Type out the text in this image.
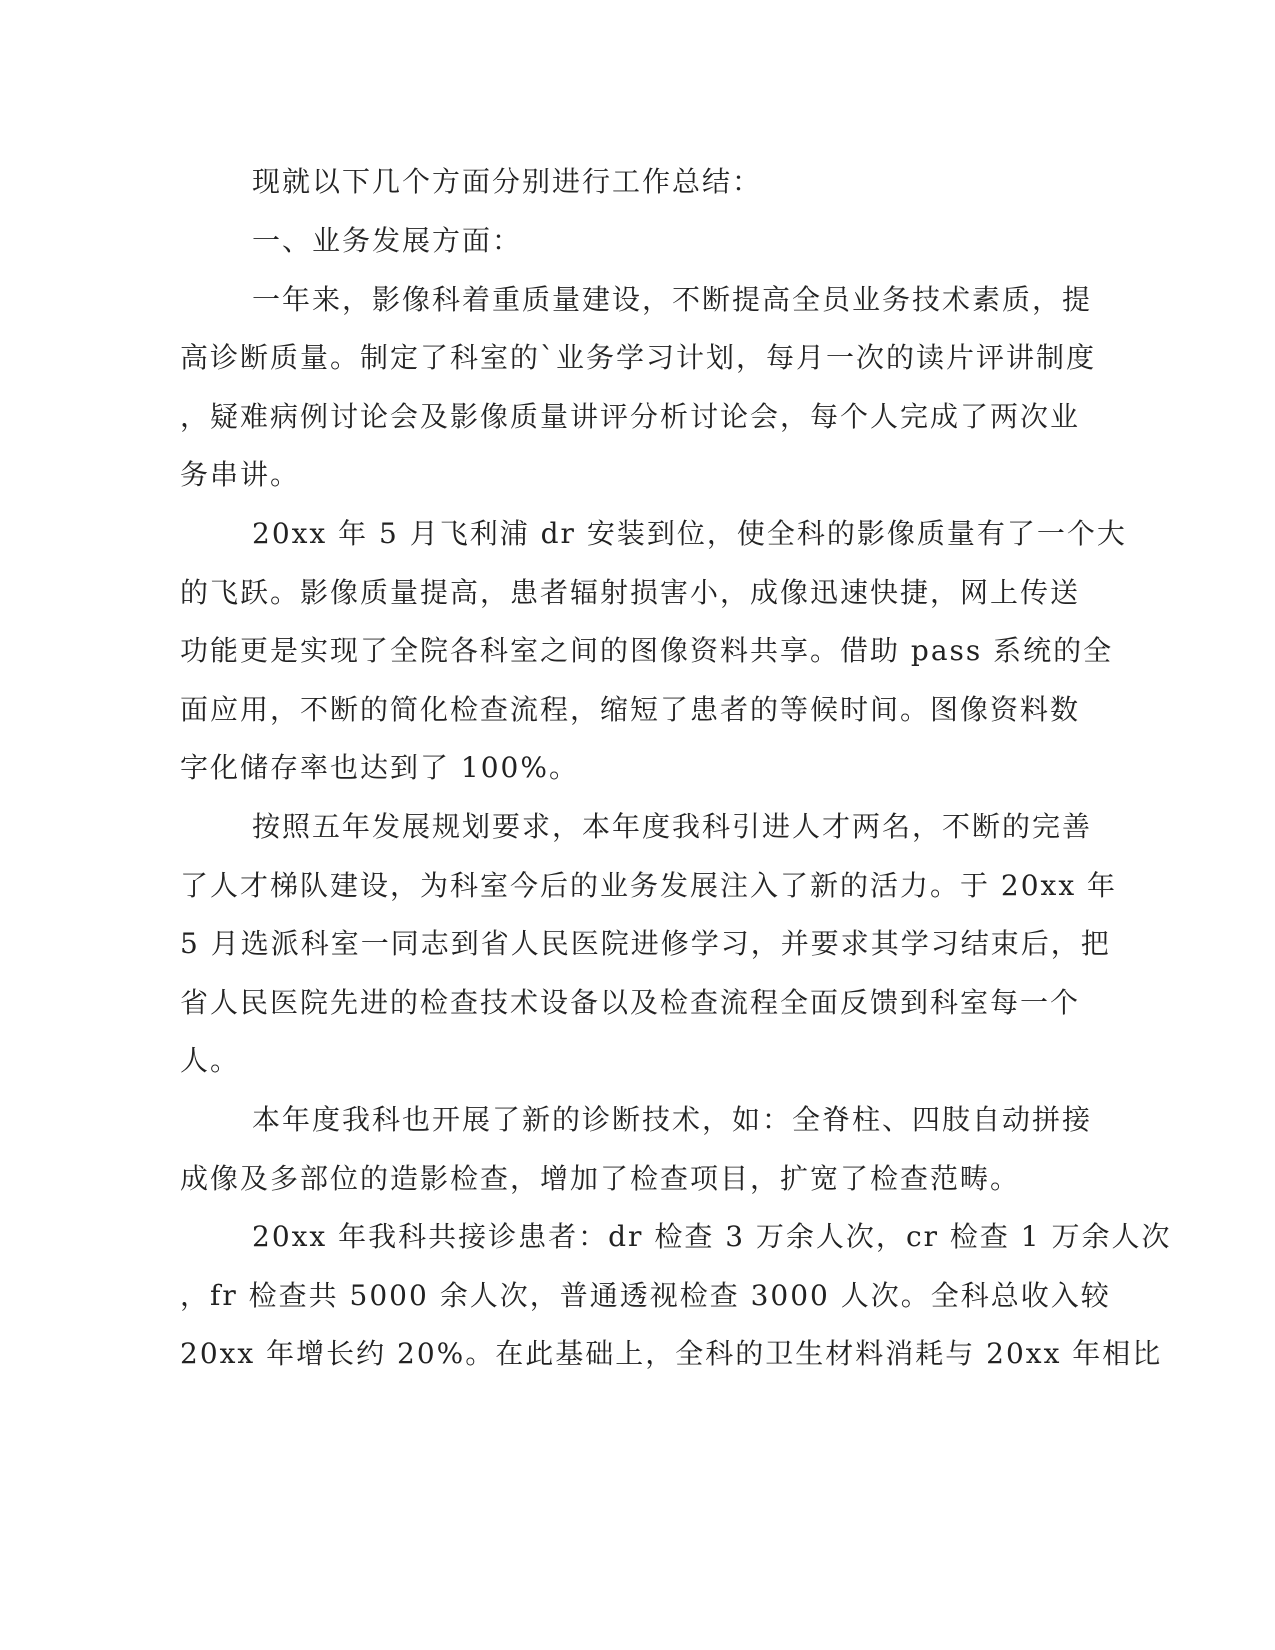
现就以下几个方面分别进行工作总结：

一、业务发展方面：

一年来，影像科着重质量建设，不断提高全员业务技术素质，提

高诊断质量。制定了科室的`业务学习计划，每月一次的读片评讲制度

，疑难病例讨论会及影像质量讲评分析讨论会，每个人完成了两次业

务串讲。

20xx 年 5 月飞利浦 dr 安装到位，使全科的影像质量有了一个大

的飞跃。影像质量提高，患者辐射损害小，成像迅速快捷，网上传送

功能更是实现了全院各科室之间的图像资料共享。借助 pass 系统的全

面应用，不断的简化检查流程，缩短了患者的等候时间。图像资料数

字化储存率也达到了 100%。

按照五年发展规划要求，本年度我科引进人才两名，不断的完善

了人才梯队建设，为科室今后的业务发展注入了新的活力。于 20xx 年

5 月选派科室一同志到省人民医院进修学习，并要求其学习结束后，把

省人民医院先进的检查技术设备以及检查流程全面反馈到科室每一个

人。

本年度我科也开展了新的诊断技术，如：全脊柱、四肢自动拼接

成像及多部位的造影检查，增加了检查项目，扩宽了检查范畴。

20xx 年我科共接诊患者：dr 检查 3 万余人次，cr 检查 1 万余人次

，fr 检查共 5000 余人次，普通透视检查 3000 人次。全科总收入较

20xx 年增长约 20%。在此基础上，全科的卫生材料消耗与 20xx 年相比
